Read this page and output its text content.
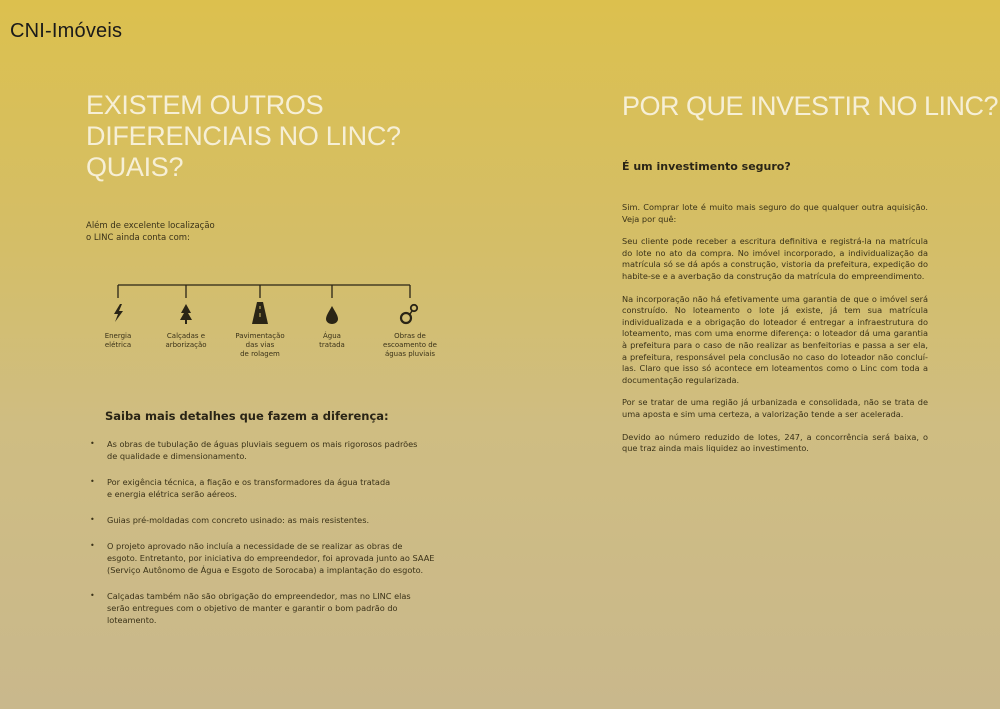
CNI-Imóveis
EXISTEM OUTROS
DIFERENCIAIS NO LINC?
QUAIS?
Além de excelente localização
o LINC ainda conta com:
Energia
elétrica
Calçadas e
arborização
Pavimentação
das vias
de rolagem
Água
tratada
Obras de
escoamento de
águas pluviais
Saiba mais detalhes que fazem a diferença:
• As obras de tubulação de águas pluviais seguem os mais rigorosos padrões
de qualidade e dimensionamento.
• Por exigência técnica, a fiação e os transformadores da água tratada
e energia elétrica serão aéreos.
• Guias pré-moldadas com concreto usinado: as mais resistentes.
• O projeto aprovado não incluía a necessidade de se realizar as obras de
esgoto. Entretanto, por iniciativa do empreendedor, foi aprovada junto ao SAAE
(Serviço Autônomo de Água e Esgoto de Sorocaba) a implantação do esgoto.
• Calçadas também não são obrigação do empreendedor, mas no LINC elas
serão entregues com o objetivo de manter e garantir o bom padrão do
loteamento.
POR QUE INVESTIR NO LINC?
É um investimento seguro?

Sim. Comprar lote é muito mais seguro do que qualquer outra aquisição. Veja por quê:

Seu cliente pode receber a escritura definitiva e registrá-la na matrícula do lote no ato da compra. No imóvel incorporado, a individualização da matrícula só se dá após a construção, vistoria da prefeitura, expedição do habite-se e a averbação da construção da matrícula do empreendimento.

Na incorporação não há efetivamente uma garantia de que o imóvel será construído. No loteamento o lote já existe, já tem sua matrícula individualizada e a obrigação do loteador é entregar a infraestrutura do loteamento, mas com uma enorme diferença: o loteador dá uma garantia à prefeitura para o caso de não realizar as benfeitorias e passa a ser ela, a prefeitura, responsável pela conclusão no caso do loteador não concluí-las. Claro que isso só acontece em loteamentos como o Linc com toda a documentação regularizada.

Por se tratar de uma região já urbanizada e consolidada, não se trata de uma aposta e sim uma certeza, a valorização tende a ser acelerada.

Devido ao número reduzido de lotes, 247, a concorrência será baixa, o que traz ainda mais liquidez ao investimento.
